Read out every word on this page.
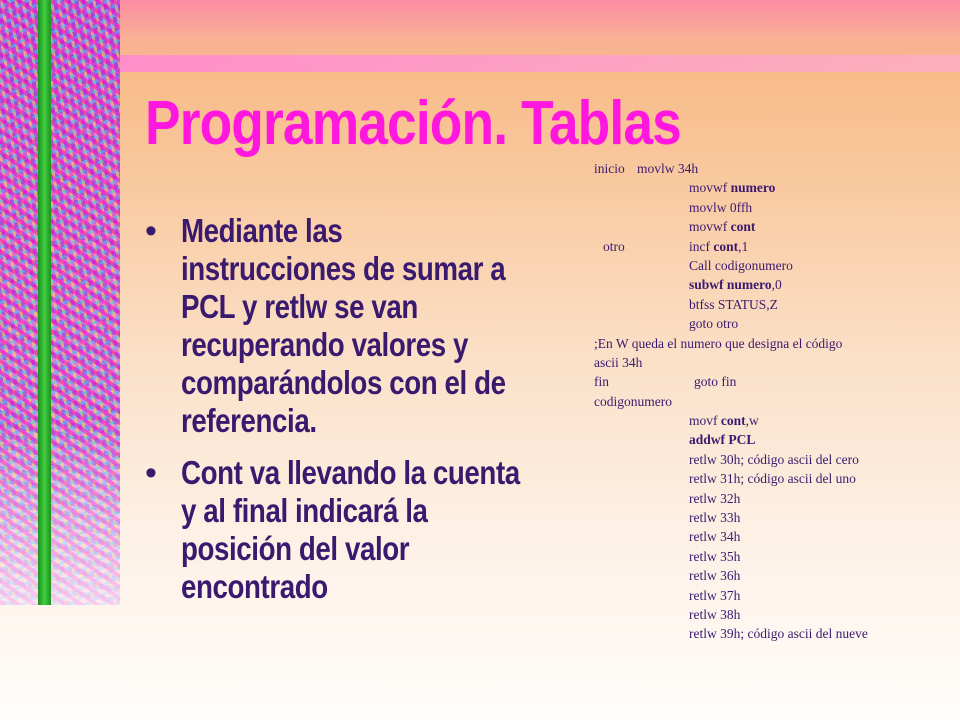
Programación. Tablas
• Mediante las instrucciones de sumar a PCL y retlw se van recuperando valores y comparándolos con el de referencia.
• Cont va llevando la cuenta y al final indicará la posición del valor encontrado
inicio movlw 34h
movwf numero
movlw 0ffh
movwf cont
otro	incf cont,1
Call codigonumero
subwf numero,0
btfss STATUS,Z
goto otro
;En W queda el numero que designa el código
ascii 34h
fin	goto fin
codigonumero
movf cont,w
addwf PCL
retlw 30h; código ascii del cero
retlw 31h; código ascii del uno
retlw 32h
retlw 33h
retlw 34h
retlw 35h
retlw 36h
retlw 37h
retlw 38h
retlw 39h; código ascii del nueve
